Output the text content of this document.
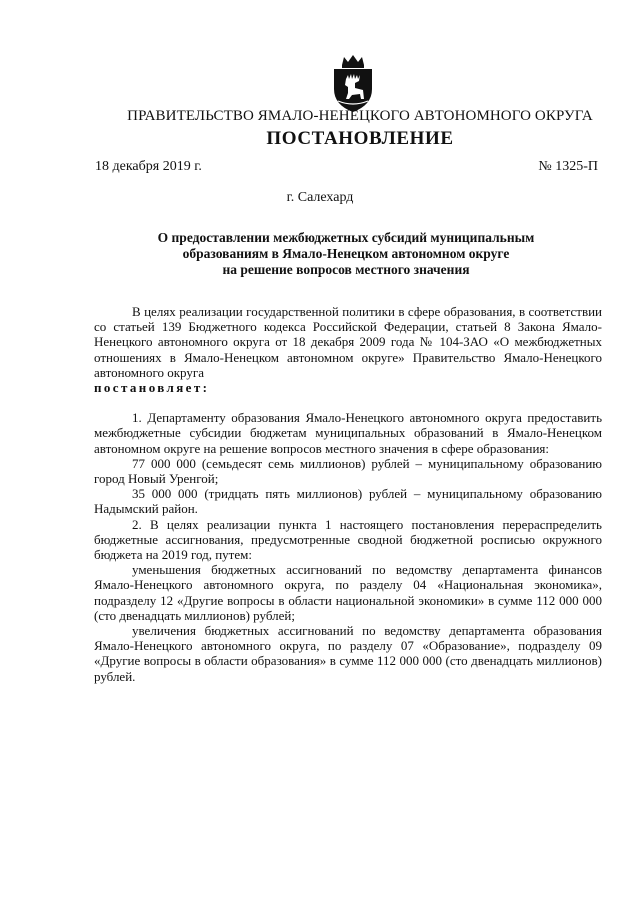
ПРАВИТЕЛЬСТВО ЯМАЛО-НЕНЕЦКОГО АВТОНОМНОГО ОКРУГА
ПОСТАНОВЛЕНИЕ
18 декабря 2019 г.	№ 1325-П
г. Салехард
О предоставлении межбюджетных субсидий муниципальным
образованиям в Ямало-Ненецком автономном округе
на решение вопросов местного значения

В целях реализации государственной политики в сфере образования, в соответствии со статьей 139 Бюджетного кодекса Российской Федерации, статьей 8 Закона Ямало-Ненецкого автономного округа от 18 декабря 2009 года № 104-ЗАО «О межбюджетных отношениях в Ямало-Ненецком автономном округе» Правительство Ямало-Ненецкого автономного округа
постановляет:

1. Департаменту образования Ямало-Ненецкого автономного округа предоставить межбюджетные субсидии бюджетам муниципальных образований в Ямало-Ненецком автономном округе на решение вопросов местного значения в сфере образования:

77 000 000 (семьдесят семь миллионов) рублей – муниципальному образованию город Новый Уренгой;

35 000 000 (тридцать пять миллионов) рублей – муниципальному образованию Надымский район.

2. В целях реализации пункта 1 настоящего постановления перераспределить бюджетные ассигнования, предусмотренные сводной бюджетной росписью окружного бюджета на 2019 год, путем:

уменьшения бюджетных ассигнований по ведомству департамента финансов Ямало-Ненецкого автономного округа, по разделу 04 «Национальная экономика», подразделу 12 «Другие вопросы в области национальной экономики» в сумме 112 000 000 (сто двенадцать миллионов) рублей;

увеличения бюджетных ассигнований по ведомству департамента образования Ямало-Ненецкого автономного округа, по разделу 07 «Образование», подразделу 09 «Другие вопросы в области образования» в сумме 112 000 000 (сто двенадцать миллионов) рублей.
